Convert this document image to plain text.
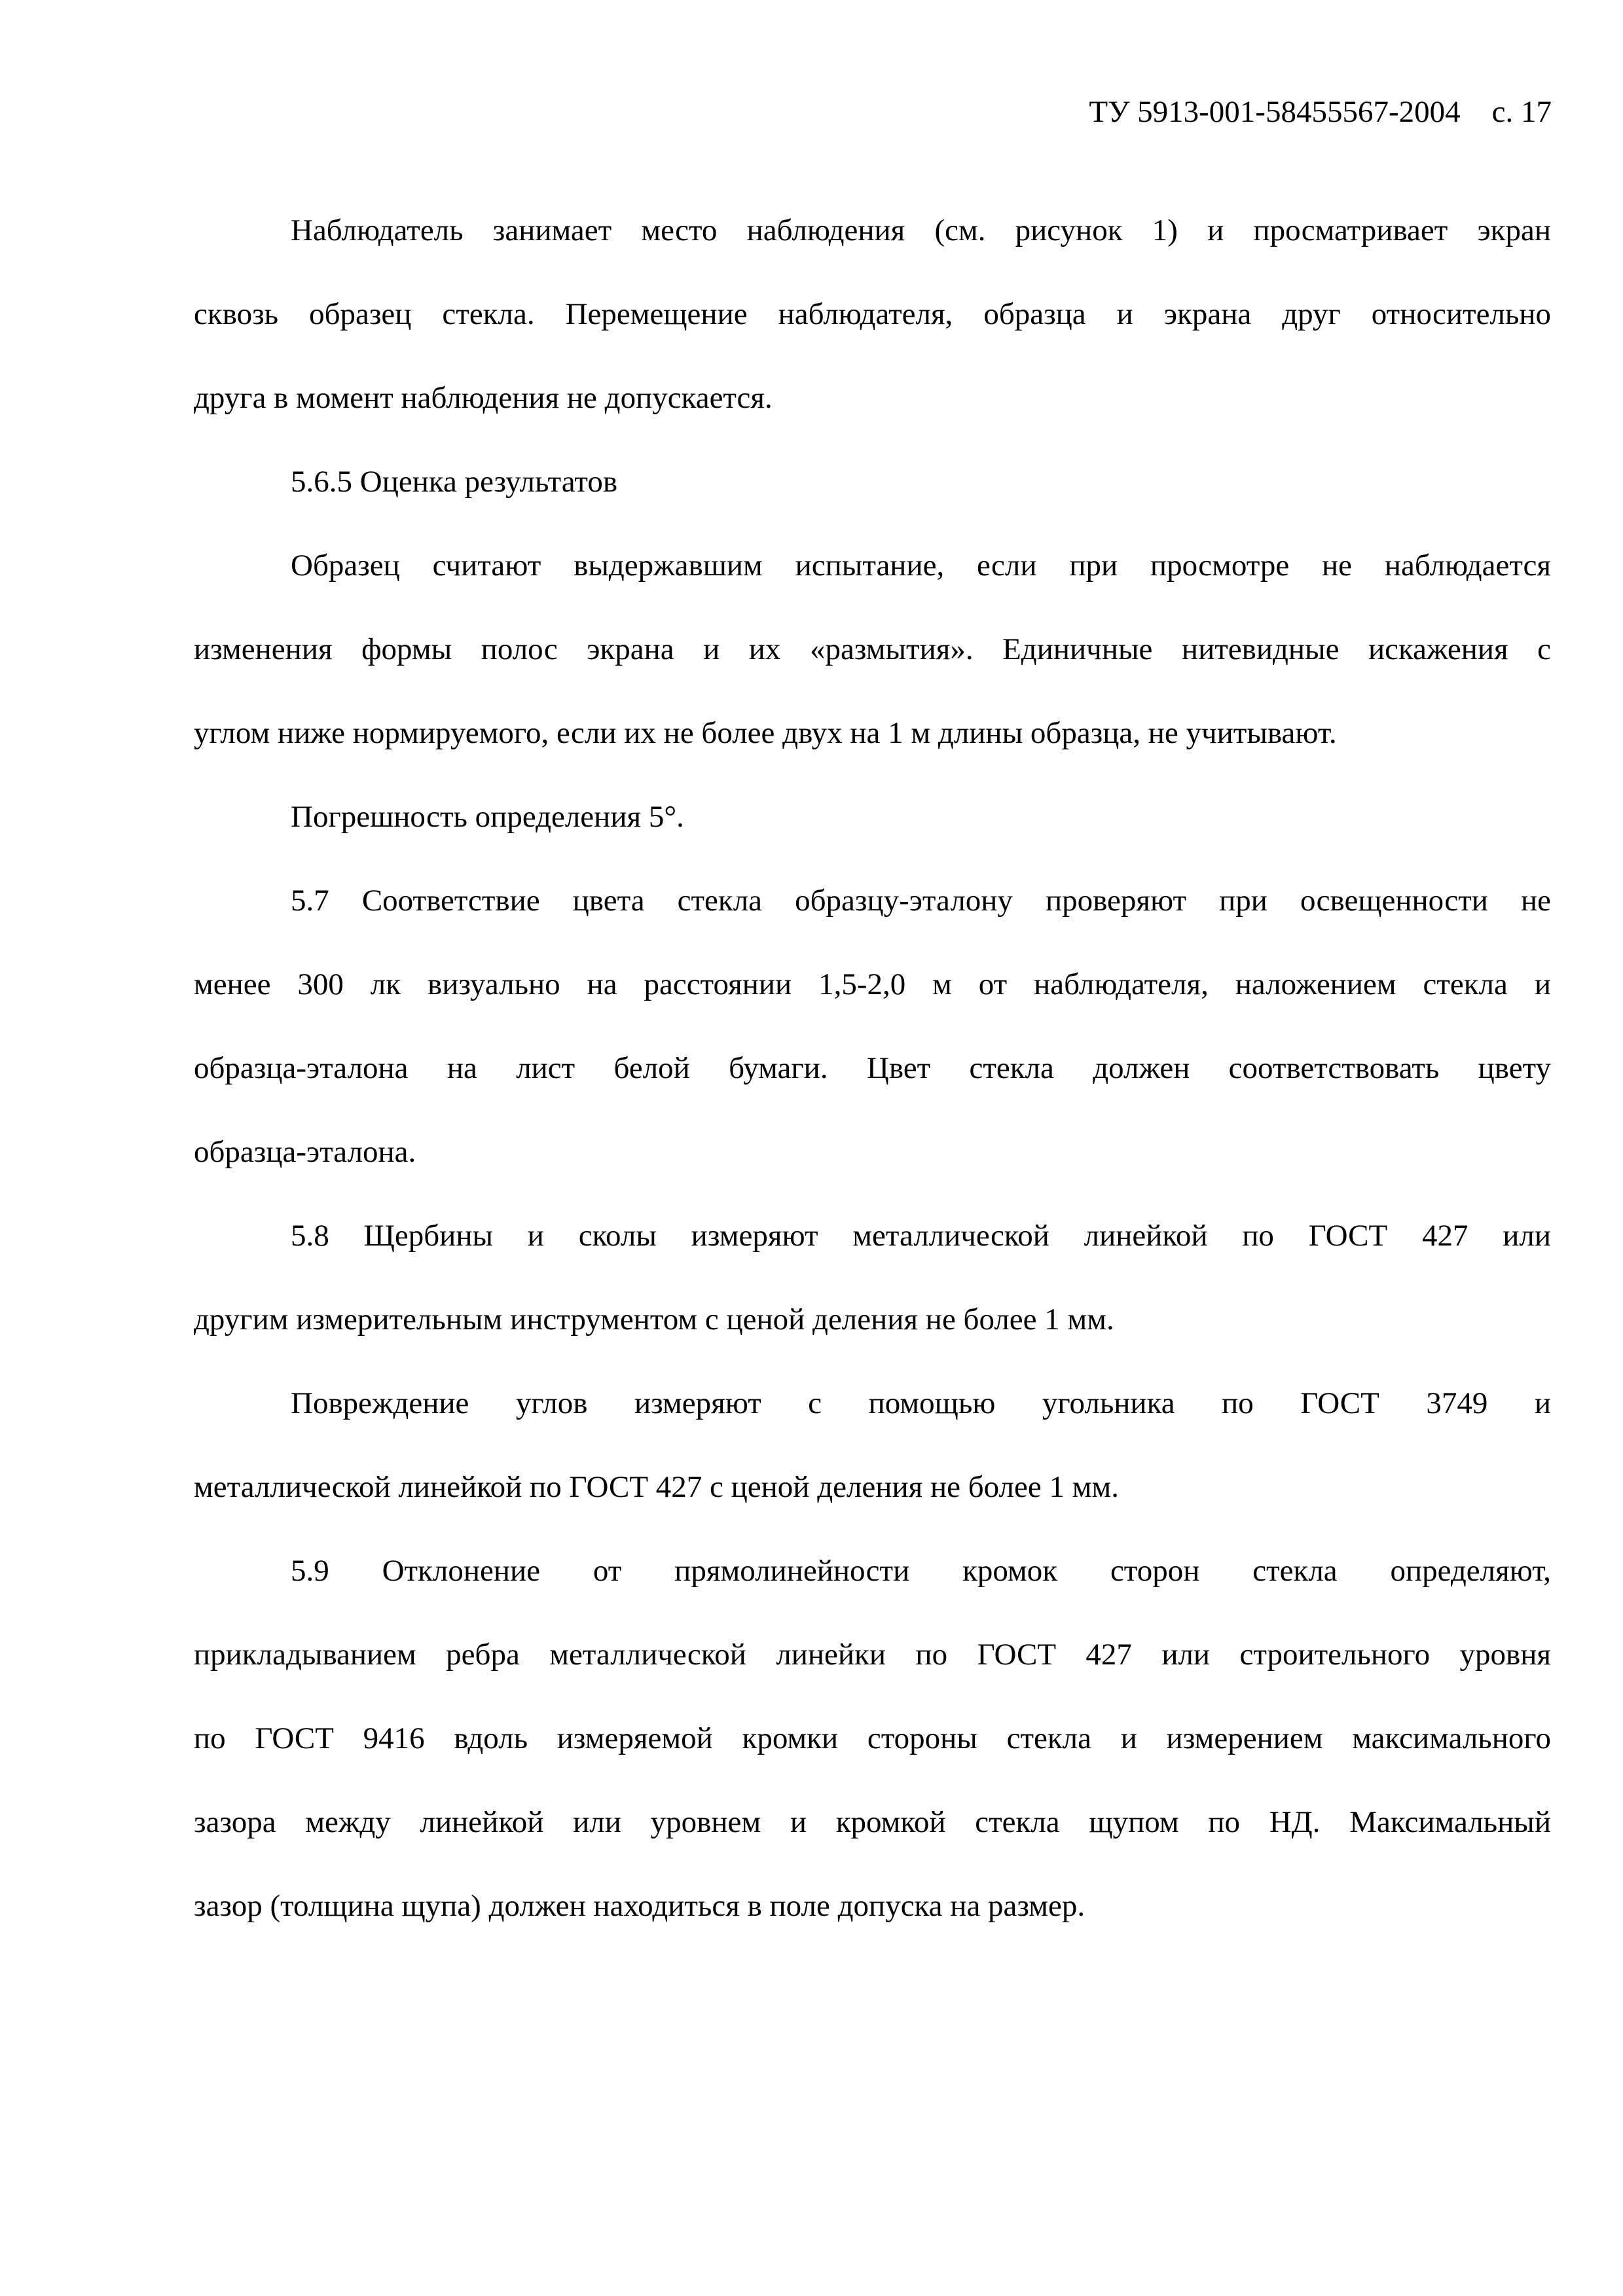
ТУ 5913-001-58455567-2004 с. 17
Наблюдатель занимает место наблюдения (см. рисунок 1) и просматривает экран
сквозь образец стекла. Перемещение наблюдателя, образца и экрана друг относительно
друга в момент наблюдения не допускается.
5.6.5 Оценка результатов
Образец считают выдержавшим испытание, если при просмотре не наблюдается
изменения формы полос экрана и их «размытия». Единичные нитевидные искажения с
углом ниже нормируемого, если их не более двух на 1 м длины образца, не учитывают.
Погрешность определения 5°.
5.7 Соответствие цвета стекла образцу-эталону проверяют при освещенности не
менее 300 лк визуально на расстоянии 1,5-2,0 м от наблюдателя, наложением стекла и
образца-эталона на лист белой бумаги. Цвет стекла должен соответствовать цвету
образца-эталона.
5.8 Щербины и сколы измеряют металлической линейкой по ГОСТ 427 или
другим измерительным инструментом с ценой деления не более 1 мм.
Повреждение углов измеряют с помощью угольника по ГОСТ 3749 и
металлической линейкой по ГОСТ 427 с ценой деления не более 1 мм.
5.9 Отклонение от прямолинейности кромок сторон стекла определяют,
прикладыванием ребра металлической линейки по ГОСТ 427 или строительного уровня
по ГОСТ 9416 вдоль измеряемой кромки стороны стекла и измерением максимального
зазора между линейкой или уровнем и кромкой стекла щупом по НД. Максимальный
зазор (толщина щупа) должен находиться в поле допуска на размер.
